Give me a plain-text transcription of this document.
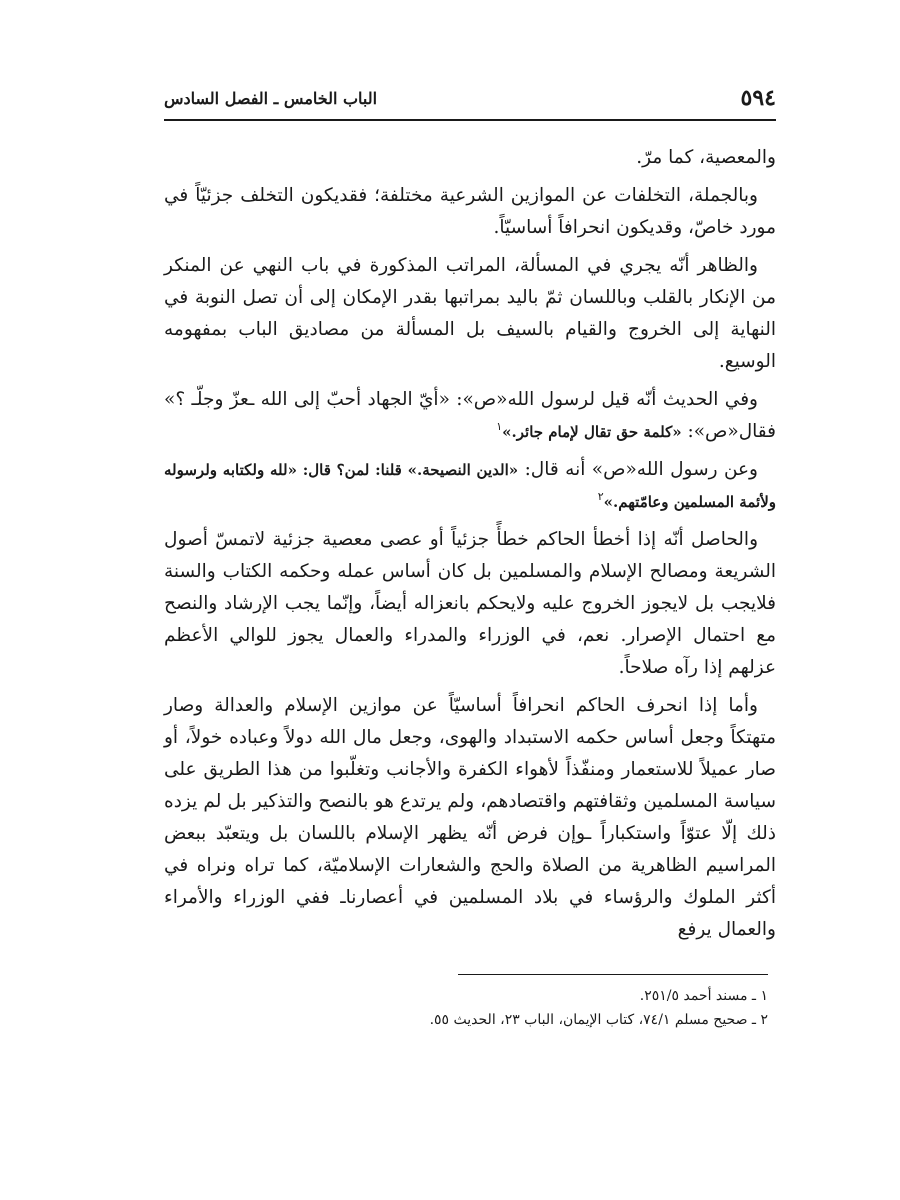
٥٩٤
الباب الخامس ـ الفصل السادس

والمعصية، كما مرّ.

وبالجملة، التخلفات عن الموازين الشرعية مختلفة؛ فقديكون التخلف جزئيّاً في مورد خاصّ، وقديكون انحرافاً أساسيّاً.

والظاهر أنّه يجري في المسألة، المراتب المذكورة في باب النهي عن المنكر من الإنكار بالقلب وباللسان ثمّ باليد بمراتبها بقدر الإمكان إلى أن تصل النوبة في النهاية إلى الخروج والقيام بالسيف بل المسألة من مصاديق الباب بمفهومه الوسيع.

وفي الحديث أنّه قيل لرسول الله«ص»: «أيّ الجهاد أحبّ إلى الله ـعزّ وجلّـ ؟» فقال«ص»: «كلمة حق تقال لإمام جائر.»$^١$

وعن رسول الله«ص» أنه قال: «الدين النصيحة.» قلنا: لمن؟ قال: «لله ولكتابه ولرسوله ولأئمة المسلمين وعامّتهم.»$^٢$

والحاصل أنّه إذا أخطأ الحاكم خطأً جزئياً أو عصى معصية جزئية لاتمسّ أصول الشريعة ومصالح الإسلام والمسلمين بل كان أساس عمله وحكمه الكتاب والسنة فلايجب بل لايجوز الخروج عليه ولايحكم بانعزاله أيضاً، وإنّما يجب الإرشاد والنصح مع احتمال الإصرار. نعم، في الوزراء والمدراء والعمال يجوز للوالي الأعظم عزلهم إذا رآه صلاحاً.

وأما إذا انحرف الحاكم انحرافاً أساسيّاً عن موازين الإسلام والعدالة وصار متهتكاً وجعل أساس حكمه الاستبداد والهوى، وجعل مال الله دولاً وعباده خولاً، أو صار عميلاً للاستعمار ومنفّذاً لأهواء الكفرة والأجانب وتغلّبوا من هذا الطريق على سياسة المسلمين وثقافتهم واقتصادهم، ولم يرتدع هو بالنصح والتذكير بل لم يزده ذلك إلّا عتوّاً واستكباراً ـوإن فرض أنّه يظهر الإسلام باللسان بل ويتعبّد ببعض المراسيم الظاهرية من الصلاة والحج والشعارات الإسلاميّة، كما تراه ونراه في أكثر الملوك والرؤساء في بلاد المسلمين في أعصارناـ ففي الوزراء والأمراء والعمال يرفع

١ ـ مسند أحمد ٢٥١/٥.

٢ ـ صحيح مسلم ٧٤/١، كتاب الإيمان، الباب ٢٣، الحديث ٥٥.
